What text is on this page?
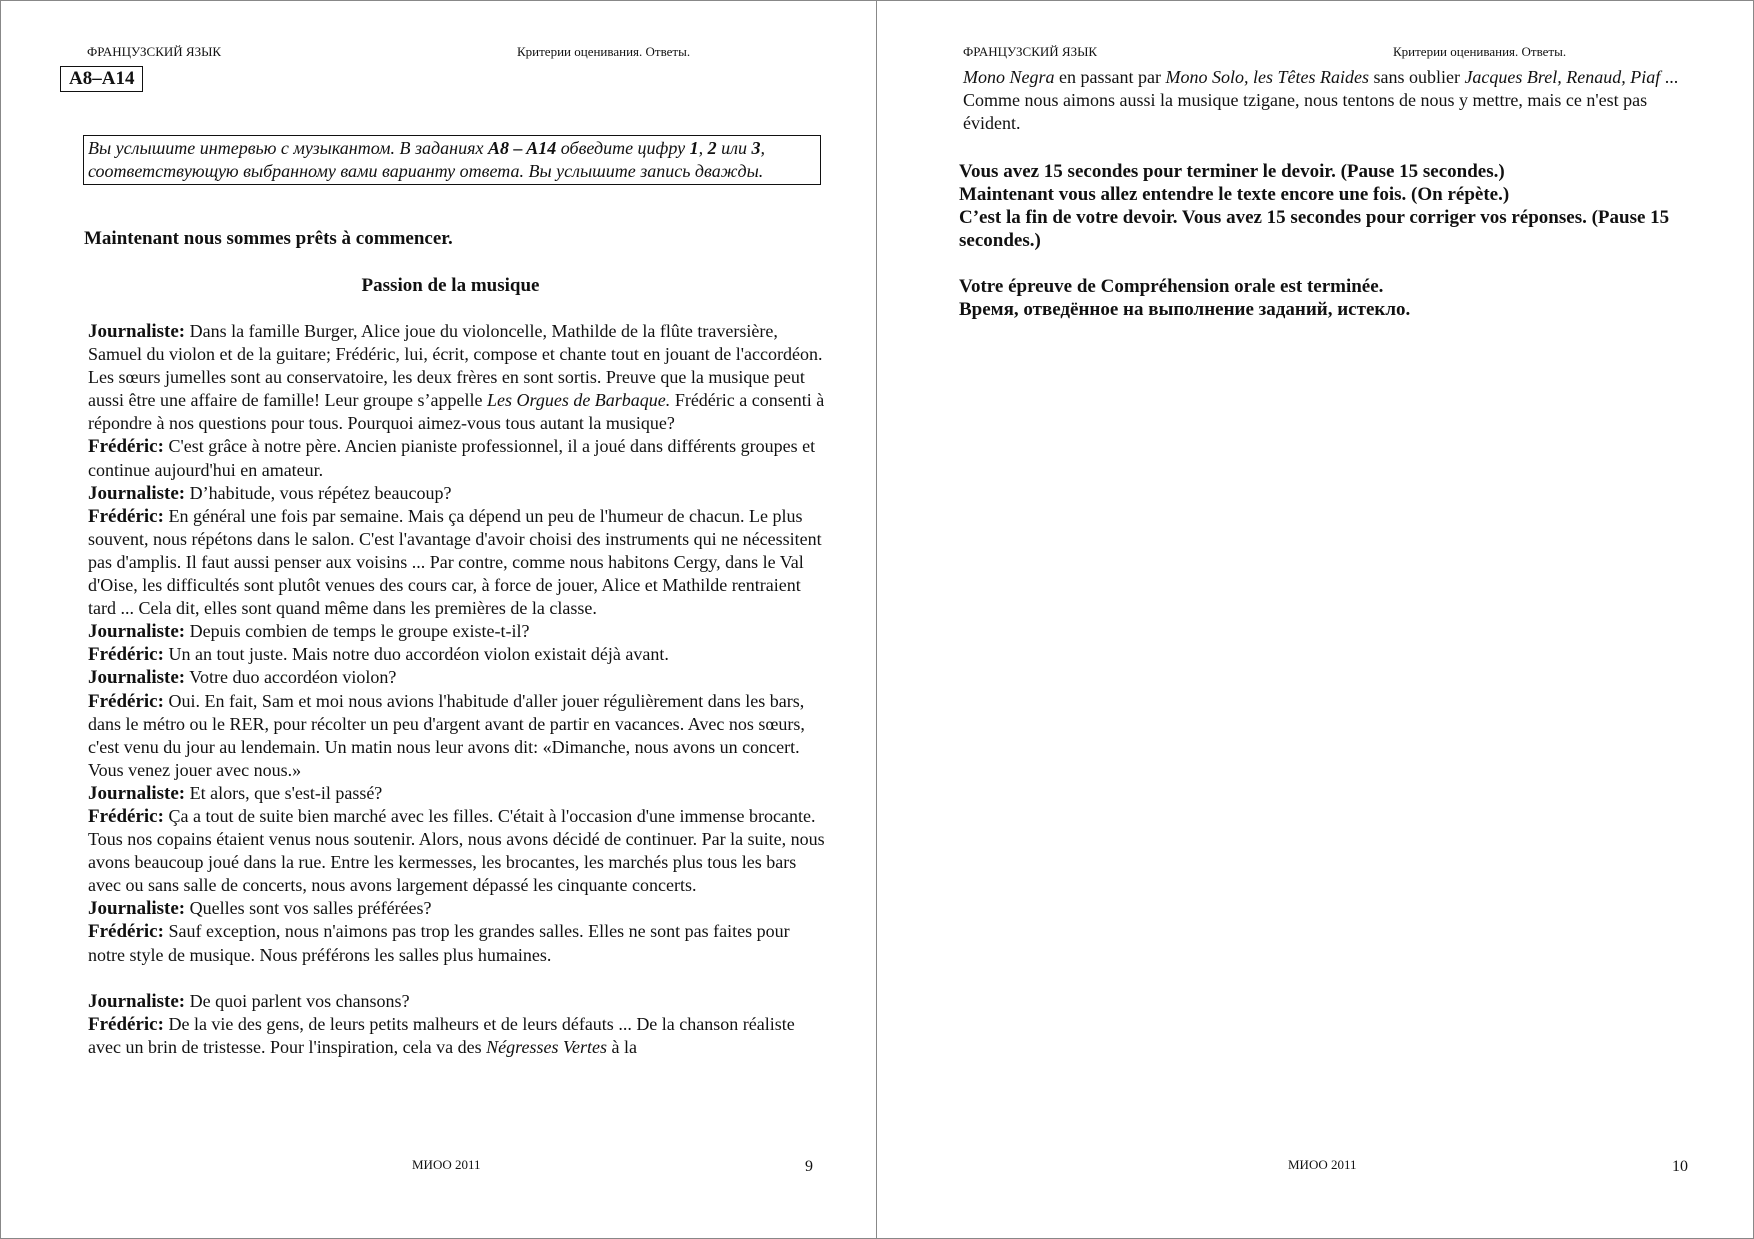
ФРАНЦУЗСКИЙ ЯЗЫК	Критерии оценивания. Ответы.
A8–A14
Вы услышите интервью с музыкантом. В заданиях A8 – A14 обведите цифру 1, 2 или 3, соответствующую выбранному вами варианту ответа. Вы услышите запись дважды.
Maintenant nous sommes prêts à commencer.
Passion de la musique

Journaliste: Dans la famille Burger, Alice joue du violoncelle, Mathilde de la flûte traversière, Samuel du violon et de la guitare; Frédéric, lui, écrit, compose et chante tout en jouant de l'accordéon. Les sœurs jumelles sont au conservatoire, les deux frères en sont sortis. Preuve que la musique peut aussi être une affaire de famille! Leur groupe s’appelle Les Orgues de Barbaque. Frédéric a consenti à répondre à nos questions pour tous. Pourquoi aimez-vous tous autant la musique?

Frédéric: C'est grâce à notre père. Ancien pianiste professionnel, il a joué dans différents groupes et continue aujourd'hui en amateur.

Journaliste: D’habitude, vous répétez beaucoup?

Frédéric: En général une fois par semaine. Mais ça dépend un peu de l'humeur de chacun. Le plus souvent, nous répétons dans le salon. C'est l'avantage d'avoir choisi des instruments qui ne nécessitent pas d'amplis. Il faut aussi penser aux voisins ... Par contre, comme nous habitons Cergy, dans le Val d'Oise, les difficultés sont plutôt venues des cours car, à force de jouer, Alice et Mathilde rentraient tard ... Cela dit, elles sont quand même dans les premières de la classe.

Journaliste: Depuis combien de temps le groupe existe-t-il?

Frédéric: Un an tout juste. Mais notre duo accordéon violon existait déjà avant.

Journaliste: Votre duo accordéon violon?

Frédéric: Oui. En fait, Sam et moi nous avions l'habitude d'aller jouer régulièrement dans les bars, dans le métro ou le RER, pour récolter un peu d'argent avant de partir en vacances. Avec nos sœurs, c'est venu du jour au lendemain. Un matin nous leur avons dit: «Dimanche, nous avons un concert. Vous venez jouer avec nous.»

Journaliste: Et alors, que s'est-il passé?

Frédéric: Ça a tout de suite bien marché avec les filles. C'était à l'occasion d'une immense brocante. Tous nos copains étaient venus nous soutenir. Alors, nous avons décidé de continuer. Par la suite, nous avons beaucoup joué dans la rue. Entre les kermesses, les brocantes, les marchés plus tous les bars avec ou sans salle de concerts, nous avons largement dépassé les cinquante concerts.

Journaliste: Quelles sont vos salles préférées?

Frédéric: Sauf exception, nous n'aimons pas trop les grandes salles. Elles ne sont pas faites pour notre style de musique. Nous préférons les salles plus humaines.

Journaliste: De quoi parlent vos chansons?

Frédéric: De la vie des gens, de leurs petits malheurs et de leurs défauts ... De la chanson réaliste avec un brin de tristesse. Pour l'inspiration, cela va des Négresses Vertes à la

МИОО 2011	9
ФРАНЦУЗСКИЙ ЯЗЫК	Критерии оценивания. Ответы.
Mono Negra en passant par Mono Solo, les Têtes Raides sans oublier Jacques Brel, Renaud, Piaf ... Comme nous aimons aussi la musique tzigane, nous tentons de nous y mettre, mais ce n'est pas évident.

Vous avez 15 secondes pour terminer le devoir. (Pause 15 secondes.)

Maintenant vous allez entendre le texte encore une fois. (On répète.)

C’est la fin de votre devoir. Vous avez 15 secondes pour corriger vos réponses. (Pause 15 secondes.)

Votre épreuve de Compréhension orale est terminée.

Время, отведённое на выполнение заданий, истекло.

МИОО 2011	10
